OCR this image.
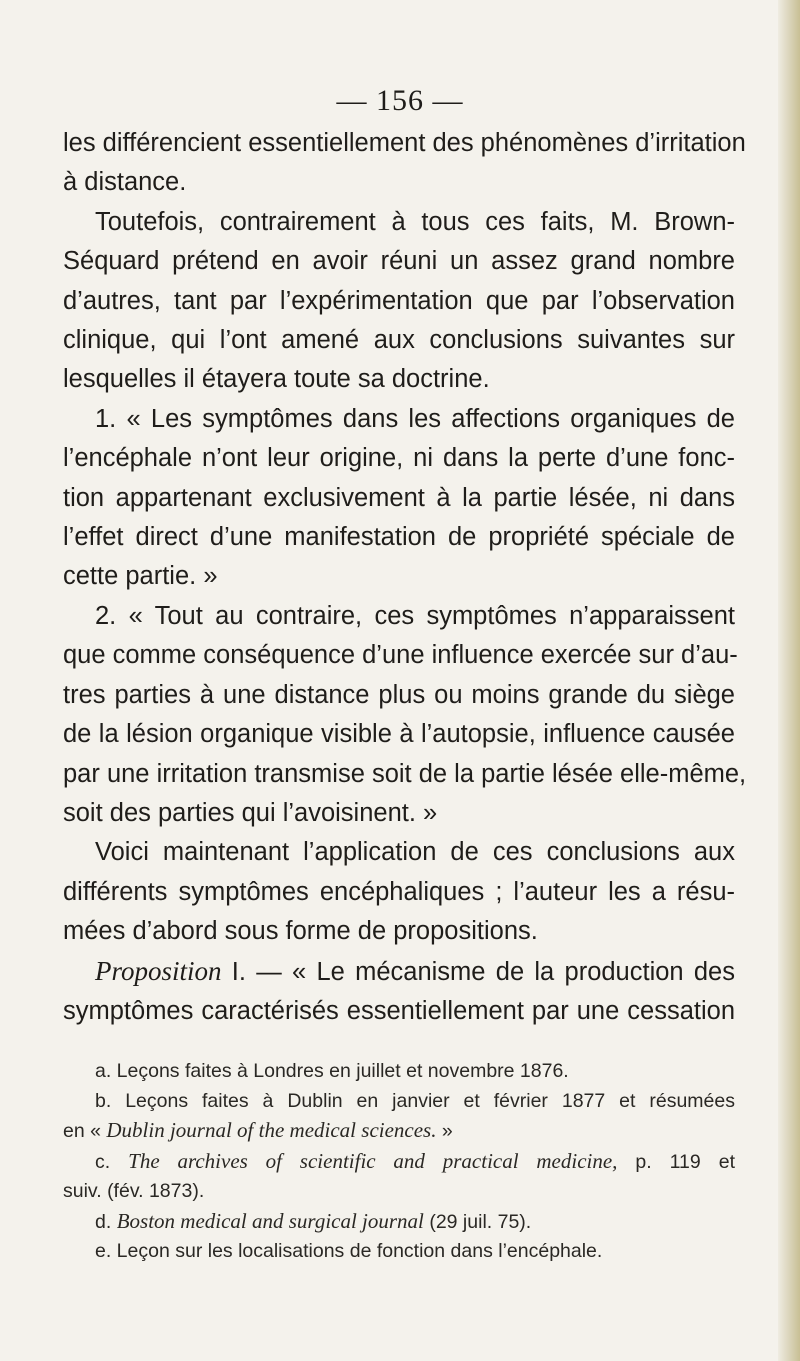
— 156 —
les différencient essentiellement des phénomènes d’irritation
à distance.
Toutefois, contrairement à tous ces faits, M. Brown-
Séquard prétend en avoir réuni un assez grand nombre
d’autres, tant par l’expérimentation que par l’observation
clinique, qui l’ont amené aux conclusions suivantes sur
lesquelles il étayera toute sa doctrine.
1. « Les symptômes dans les affections organiques de
l’encéphale n’ont leur origine, ni dans la perte d’une fonc-
tion appartenant exclusivement à la partie lésée, ni dans
l’effet direct d’une manifestation de propriété spéciale de
cette partie. »
2. « Tout au contraire, ces symptômes n’apparaissent
que comme conséquence d’une influence exercée sur d’au-
tres parties à une distance plus ou moins grande du siège
de la lésion organique visible à l’autopsie, influence causée
par une irritation transmise soit de la partie lésée elle-même,
soit des parties qui l’avoisinent. »
Voici maintenant l’application de ces conclusions aux
différents symptômes encéphaliques ; l’auteur les a résu-
mées d’abord sous forme de propositions.
Proposition I. — « Le mécanisme de la production des
symptômes caractérisés essentiellement par une cessation
a. Leçons faites à Londres en juillet et novembre 1876.
b. Leçons faites à Dublin en janvier et février 1877 et résumées
en « Dublin journal of the medical sciences. »
c. The archives of scientific and practical medicine, p. 119 et
suiv. (fév. 1873).
d. Boston medical and surgical journal (29 juil. 75).
e. Leçon sur les localisations de fonction dans l’encéphale.
